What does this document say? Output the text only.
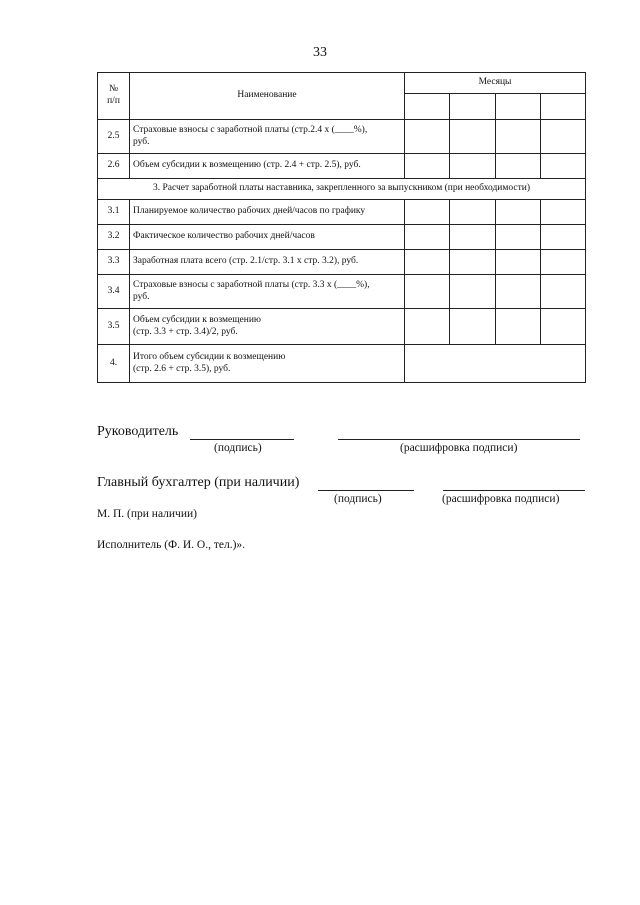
33
№
п/п	Наименование	Месяцы			

2.5	Страховые взносы с заработной платы (стр.2.4 х (____%),
руб.				
2.6	Объем субсидии к возмещению (стр. 2.4 + стр. 2.5), руб.				
3. Расчет заработной платы наставника, закрепленного за выпускником (при необходимости)					
3.1	Планируемое количество рабочих дней/часов по графику				
3.2	Фактическое количество рабочих дней/часов				
3.3	Заработная плата всего (стр. 2.1/стр. 3.1 х стр. 3.2), руб.				
3.4	Страховые взносы с заработной платы (стр. 3.3 х (____%),
руб.				
3.5	Объем субсидии к возмещению
(стр. 3.3 + стр. 3.4)/2, руб.				
4.	Итого объем субсидии к возмещению
(стр. 2.6 + стр. 3.5), руб.				
Руководитель
(подпись)	(расшифровка подписи)
Главный бухгалтер (при наличии)
(подпись)	(расшифровка подписи)
М. П. (при наличии)
Исполнитель (Ф. И. О., тел.)».
